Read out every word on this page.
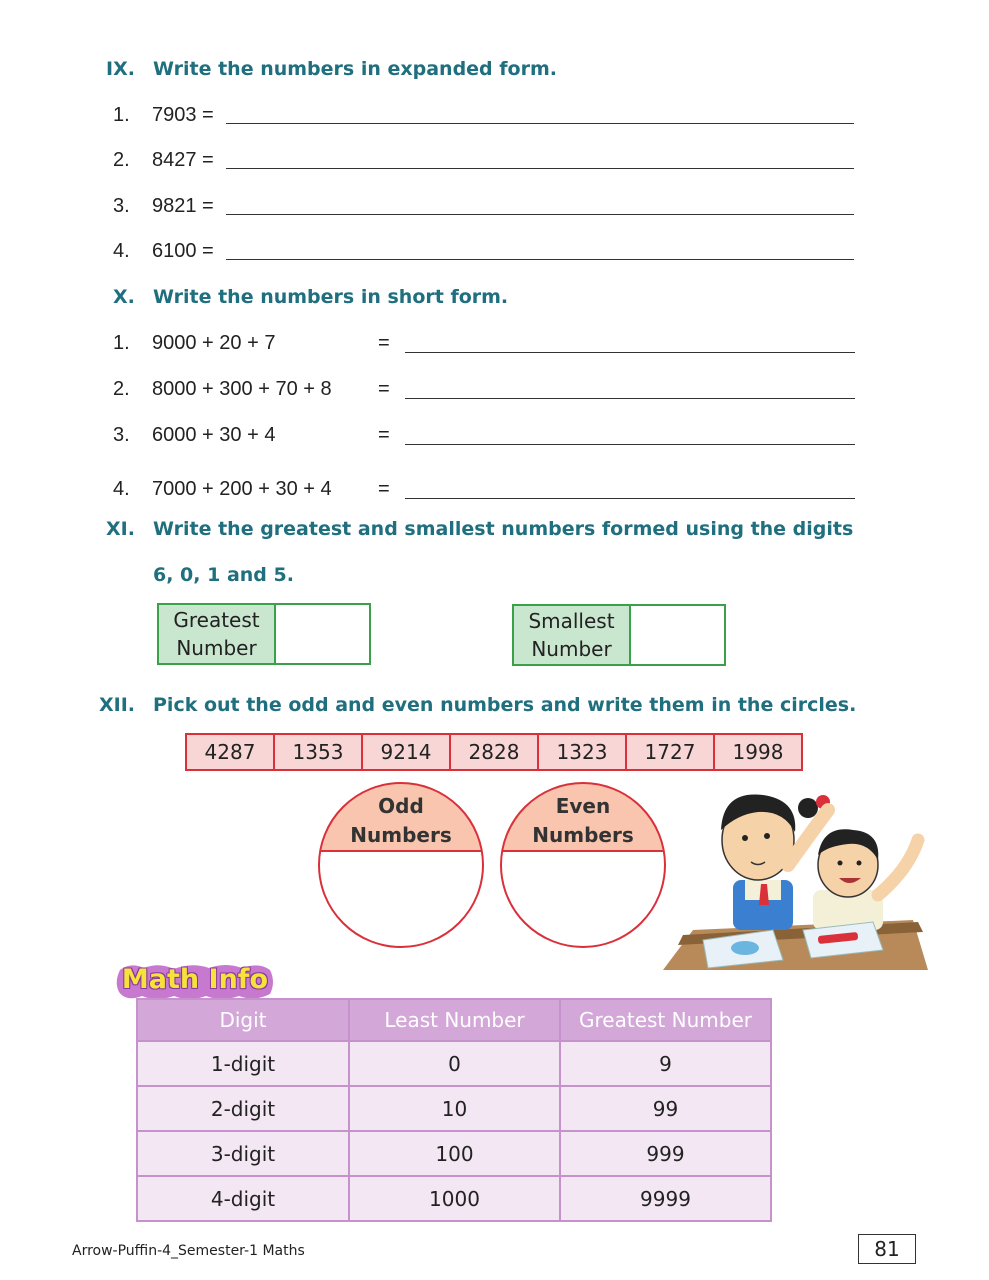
IX. Write the numbers in expanded form.
1. 7903 =
2. 8427 =
3. 9821 =
4. 6100 =
X. Write the numbers in short form.
1. 9000 + 20 + 7	=
2. 8000 + 300 + 70 + 8 =
3. 6000 + 30 + 4	=
4. 7000 + 200 + 30 + 4 =
XI. Write the greatest and smallest numbers formed using the digits
6, 0, 1 and 5.
Greatest
Number
Smallest
Number
XII. Pick out the odd and even numbers and write them in the circles.
4287	1353	9214	2828	1323	1727	1998
Odd
Numbers
Even
Numbers
Math Info
Digit	Least Number	Greatest Number
1-digit	0	9
2-digit	10	99
3-digit	100	999
4-digit	1000	9999
Arrow-Puffin-4_Semester-1 Maths	81
